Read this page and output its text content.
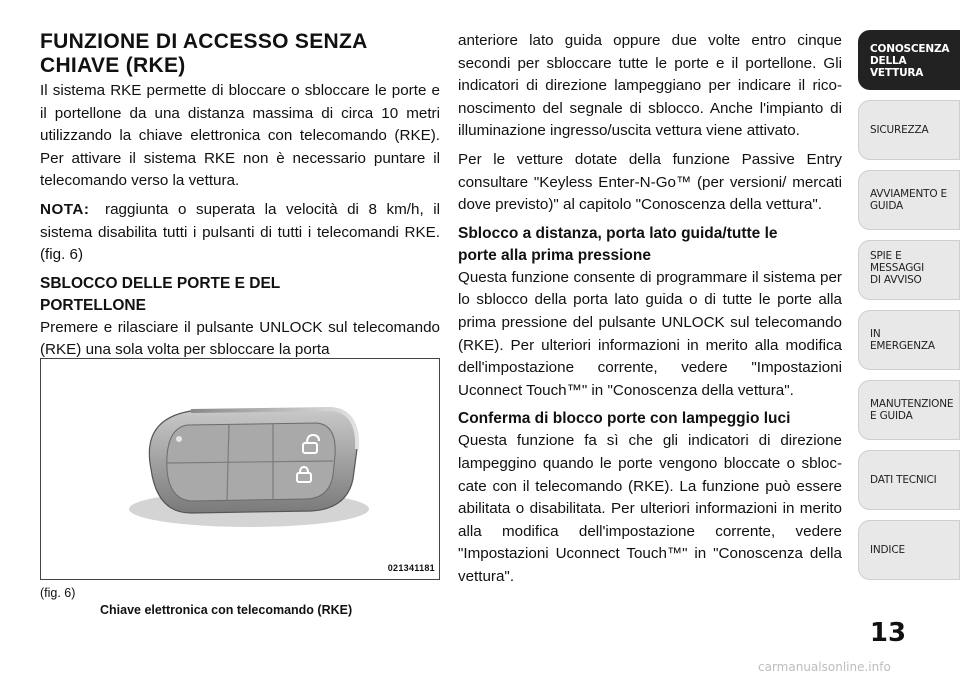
FUNZIONE DI ACCESSO SENZA
CHIAVE (RKE)

Il sistema RKE permette di bloccare o sbloccare le porte e il portellone da una distanza massima di circa 10 metri utilizzando la chiave elettronica con telecomando (RKE). Per attivare il sistema RKE non è necessario puntare il telecomando verso la vettura.

NOTA: raggiunta o superata la velocità di 8 km/h, il sistema disabilita tutti i pulsanti di tutti i telecomandi RKE. (fig. 6)

SBLOCCO DELLE PORTE E DEL
PORTELLONE

Premere e rilasciare il pulsante UNLOCK sul telecomando (RKE) una sola volta per sbloccare la porta

021341181
(fig. 6)
Chiave elettronica con telecomando (RKE)

anteriore lato guida oppure due volte entro cinque secondi per sbloccare tutte le porte e il portellone. Gli indicatori di direzione lampeggiano per indicare il riconoscimento del segnale di sblocco. Anche l'impianto di illuminazione ingresso/uscita vettura viene attivato.

Per le vetture dotate della funzione Passive Entry consultare "Keyless Enter-N-Go™ (per versioni/ mercati dove previsto)" al capitolo "Conoscenza della vettura".

Sblocco a distanza, porta lato guida/tutte le
porte alla prima pressione

Questa funzione consente di programmare il sistema per lo sblocco della porta lato guida o di tutte le porte alla prima pressione del pulsante UNLOCK sul telecomando (RKE). Per ulteriori informazioni in merito alla modifica dell'impostazione corrente, vedere "Impostazioni Uconnect Touch™" in "Conoscenza della vettura".

Conferma di blocco porte con lampeggio luci

Questa funzione fa sì che gli indicatori di direzione lampeggino quando le porte vengono bloccate o sbloccate con il telecomando (RKE). La funzione può essere abilitata o disabilitata. Per ulteriori informazioni in merito alla modifica dell'impostazione corrente, vedere "Impostazioni Uconnect Touch™" in "Conoscenza della vettura".

CONOSCENZA
DELLA VETTURA
SICUREZZA
AVVIAMENTO E
GUIDA
SPIE E
MESSAGGI
DI AVVISO
IN
EMERGENZA
MANUTENZIONE
E GUIDA
DATI TECNICI
INDICE
13
carmanualsonline.info
